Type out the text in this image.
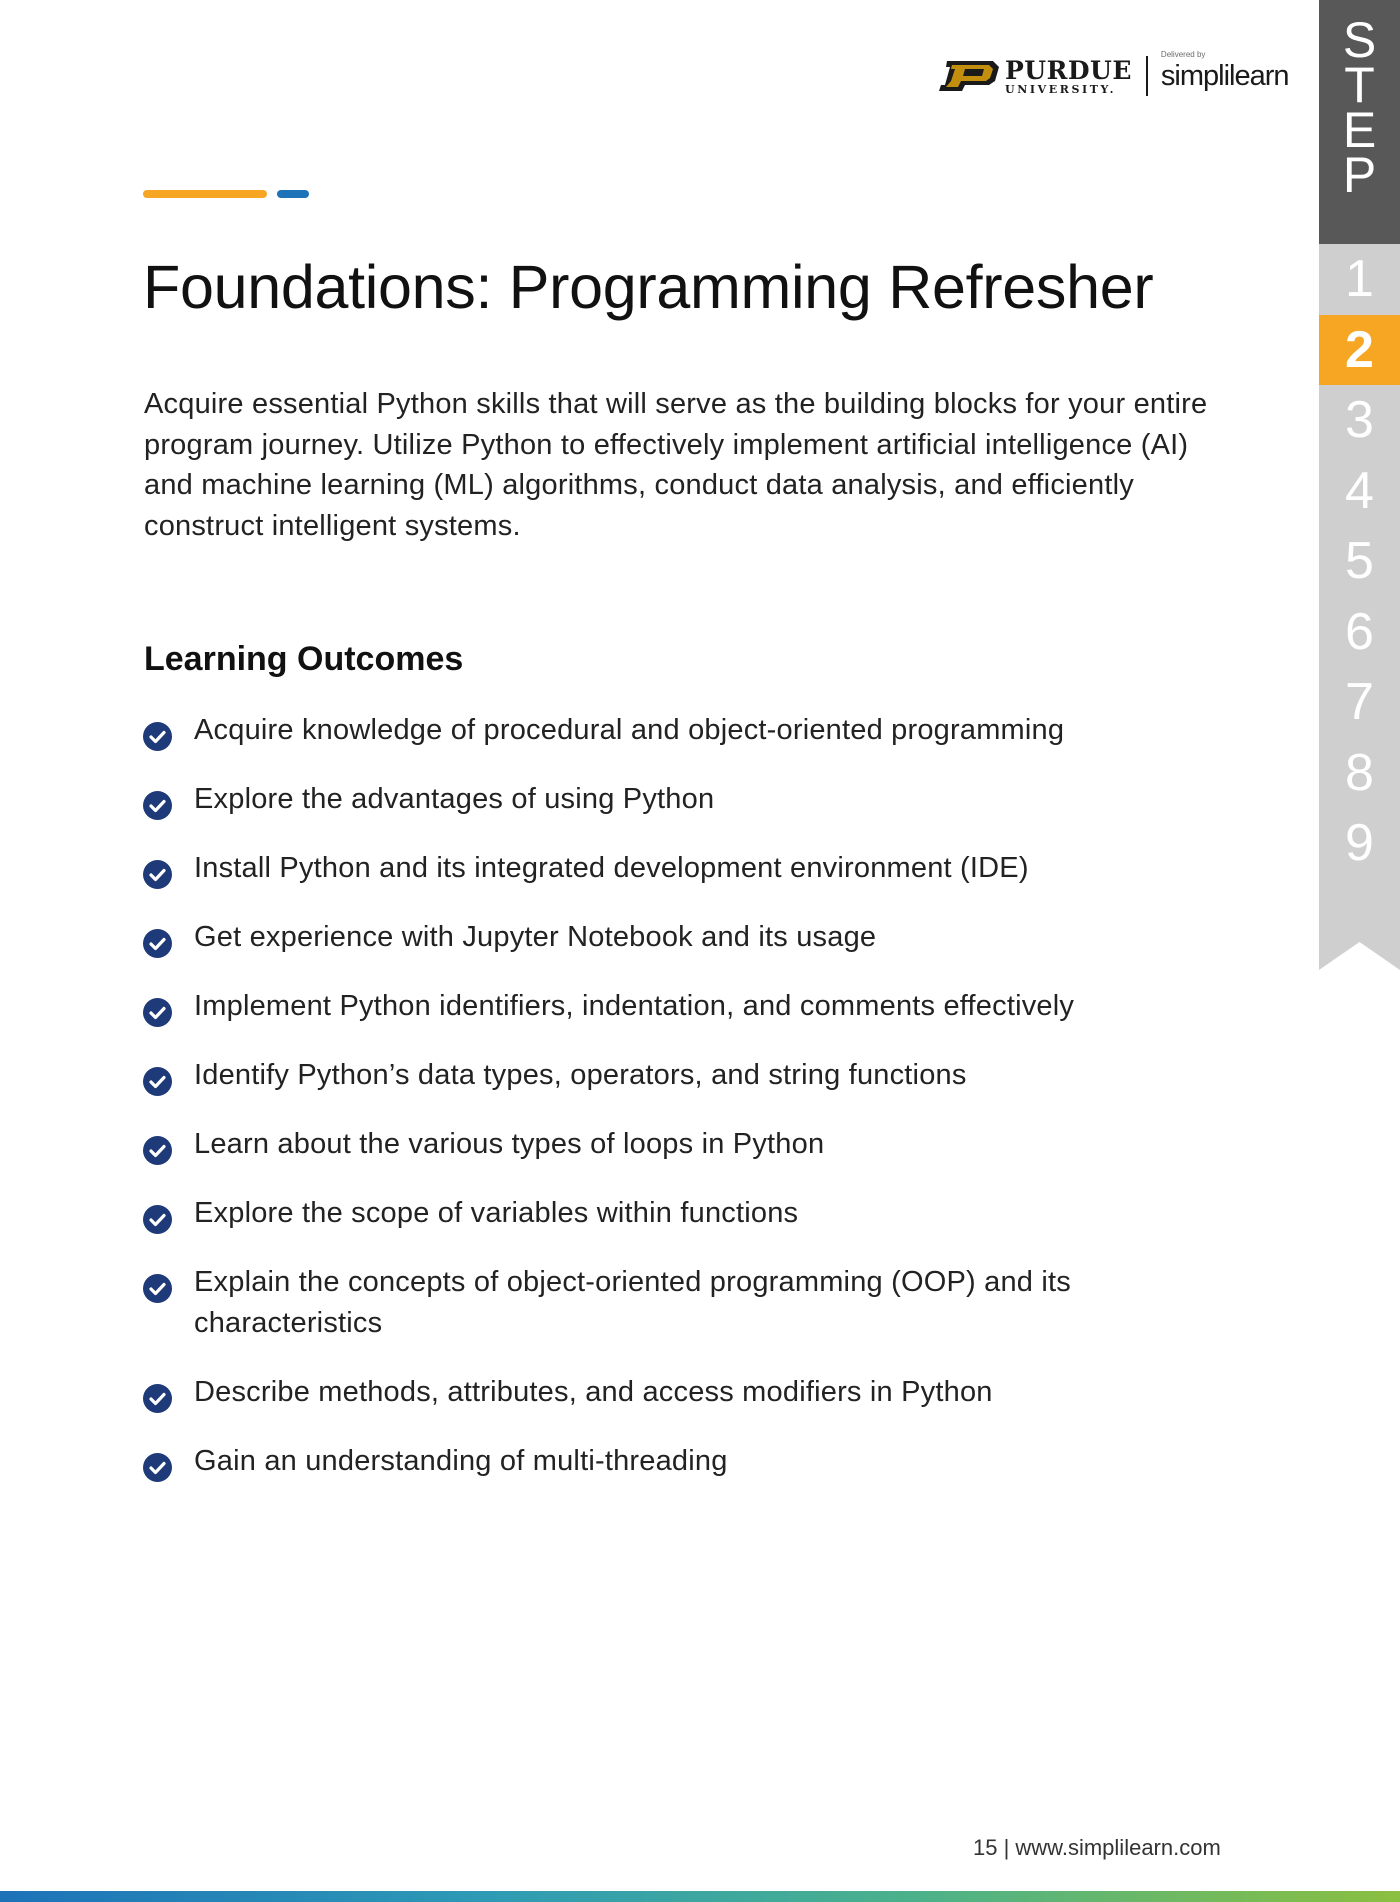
PURDUE
UNIVERSITY.
Delivered by
simplilearn
Foundations: Programming Refresher

Acquire essential Python skills that will serve as the building blocks for your entire program journey. Utilize Python to effectively implement artificial intelligence (AI) and machine learning (ML) algorithms, conduct data analysis, and efficiently construct intelligent systems.

Learning Outcomes
Acquire knowledge of procedural and object-oriented programming
Explore the advantages of using Python
Install Python and its integrated development environment (IDE)
Get experience with Jupyter Notebook and its usage
Implement Python identifiers, indentation, and comments effectively
Identify Python’s data types, operators, and string functions
Learn about the various types of loops in Python
Explore the scope of variables within functions
Explain the concepts of object-oriented programming (OOP) and its characteristics
Describe methods, attributes, and access modifiers in Python
Gain an understanding of multi-threading
S
T
E
P
1
2
3
4
5
6
7
8
9
15 | www.simplilearn.com
